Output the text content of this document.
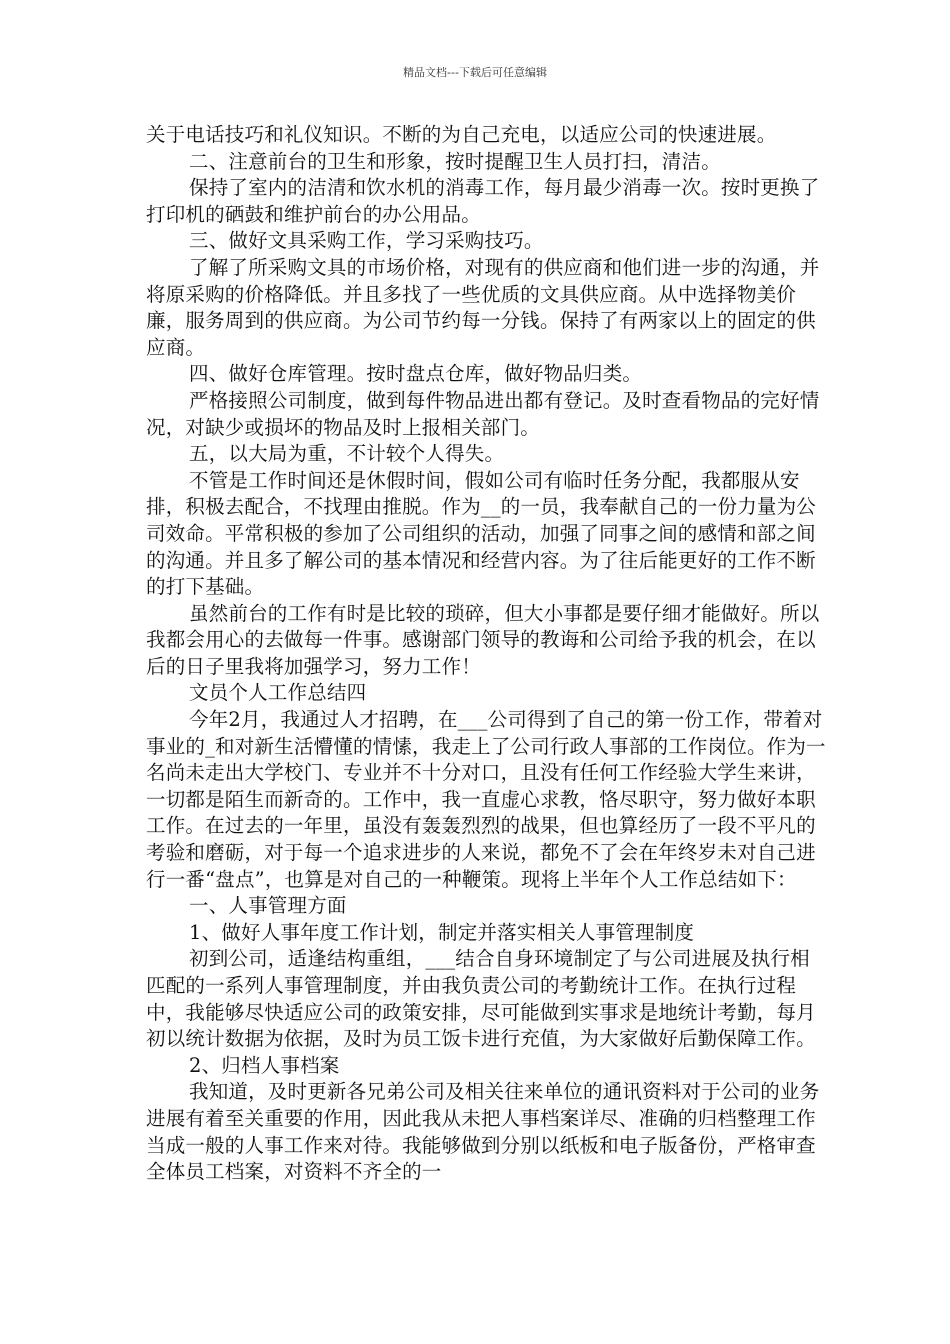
精品文档---下载后可任意编辑

关于电话技巧和礼仪知识。不断的为自己充电，以适应公司的快速进展。

二、注意前台的卫生和形象，按时提醒卫生人员打扫，清洁。

保持了室内的洁清和饮水机的消毒工作，每月最少消毒一次。按时更换了打印机的硒鼓和维护前台的办公用品。

三、做好文具采购工作，学习采购技巧。

了解了所采购文具的市场价格，对现有的供应商和他们进一步的沟通，并将原采购的价格降低。并且多找了一些优质的文具供应商。从中选择物美价廉，服务周到的供应商。为公司节约每一分钱。保持了有两家以上的固定的供应商。

四、做好仓库管理。按时盘点仓库，做好物品归类。

严格接照公司制度，做到每件物品进出都有登记。及时查看物品的完好情况，对缺少或损坏的物品及时上报相关部门。

五，以大局为重，不计较个人得失。

不管是工作时间还是休假时间，假如公司有临时任务分配，我都服从安排，积极去配合，不找理由推脱。作为__的一员，我奉献自己的一份力量为公司效命。平常积极的参加了公司组织的活动，加强了同事之间的感情和部之间的沟通。并且多了解公司的基本情况和经营内容。为了往后能更好的工作不断的打下基础。

虽然前台的工作有时是比较的琐碎，但大小事都是要仔细才能做好。所以我都会用心的去做每一件事。感谢部门领导的教诲和公司给予我的机会，在以后的日子里我将加强学习，努力工作！

文员个人工作总结四

今年2月，我通过人才招聘，在___公司得到了自己的第一份工作，带着对事业的_和对新生活懵懂的情愫，我走上了公司行政人事部的工作岗位。作为一名尚未走出大学校门、专业并不十分对口，且没有任何工作经验大学生来讲，一切都是陌生而新奇的。工作中，我一直虚心求教，恪尽职守，努力做好本职工作。在过去的一年里，虽没有轰轰烈烈的战果，但也算经历了一段不平凡的考验和磨砺，对于每一个追求进步的人来说，都免不了会在年终岁未对自己进行一番“盘点”，也算是对自己的一种鞭策。现将上半年个人工作总结如下：

一、人事管理方面

1、做好人事年度工作计划，制定并落实相关人事管理制度

初到公司，适逢结构重组，___结合自身环境制定了与公司进展及执行相匹配的一系列人事管理制度，并由我负责公司的考勤统计工作。在执行过程中，我能够尽快适应公司的政策安排，尽可能做到实事求是地统计考勤，每月初以统计数据为依据，及时为员工饭卡进行充值，为大家做好后勤保障工作。

2、归档人事档案

我知道，及时更新各兄弟公司及相关往来单位的通讯资料对于公司的业务进展有着至关重要的作用，因此我从未把人事档案详尽、准确的归档整理工作当成一般的人事工作来对待。我能够做到分别以纸板和电子版备份，严格审查全体员工档案，对资料不齐全的一
